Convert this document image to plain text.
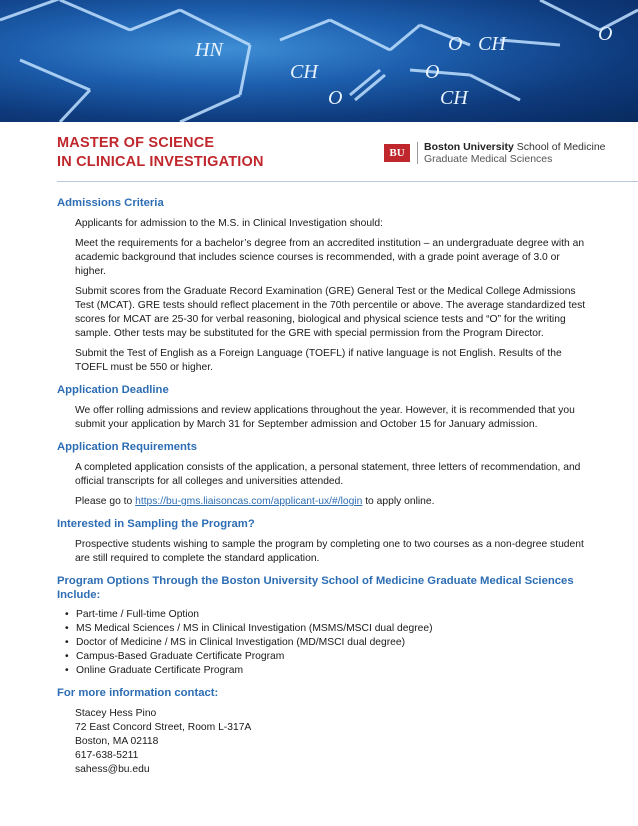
HN
CH
CH
O
O
O
CH
O
MASTER OF SCIENCE
IN CLINICAL INVESTIGATION
BU	Boston University School of Medicine
Graduate Medical Sciences
Admissions Criteria

Applicants for admission to the M.S. in Clinical Investigation should:

Meet the requirements for a bachelor’s degree from an accredited institution – an undergraduate degree with an academic background that includes science courses is recommended, with a grade point average of 3.0 or higher.

Submit scores from the Graduate Record Examination (GRE) General Test or the Medical College Admissions Test (MCAT). GRE tests should reflect placement in the 70th percentile or above. The average standardized test scores for MCAT are 25-30 for verbal reasoning, biological and physical science tests and “O” for the writing sample. Other tests may be substituted for the GRE with special permission from the Program Director.

Submit the Test of English as a Foreign Language (TOEFL) if native language is not English. Results of the TOEFL must be 550 or higher.

Application Deadline

We offer rolling admissions and review applications throughout the year. However, it is recommended that you submit your application by March 31 for September admission and October 15 for January admission.

Application Requirements

A completed application consists of the application, a personal statement, three letters of recommendation, and official transcripts for all colleges and universities attended.

Please go to https://bu-gms.liaisoncas.com/applicant-ux/#/login to apply online.

Interested in Sampling the Program?

Prospective students wishing to sample the program by completing one to two courses as a non-degree student are still required to complete the standard application.

Program Options Through the Boston University School of Medicine Graduate Medical Sciences Include:
• Part-time / Full-time Option
• MS Medical Sciences / MS in Clinical Investigation (MSMS/MSCI dual degree)
• Doctor of Medicine / MS in Clinical Investigation (MD/MSCI dual degree)
• Campus-Based Graduate Certificate Program
• Online Graduate Certificate Program
For more information contact:
Stacey Hess Pino
72 East Concord Street, Room L-317A
Boston, MA 02118
617-638-5211
sahess@bu.edu
